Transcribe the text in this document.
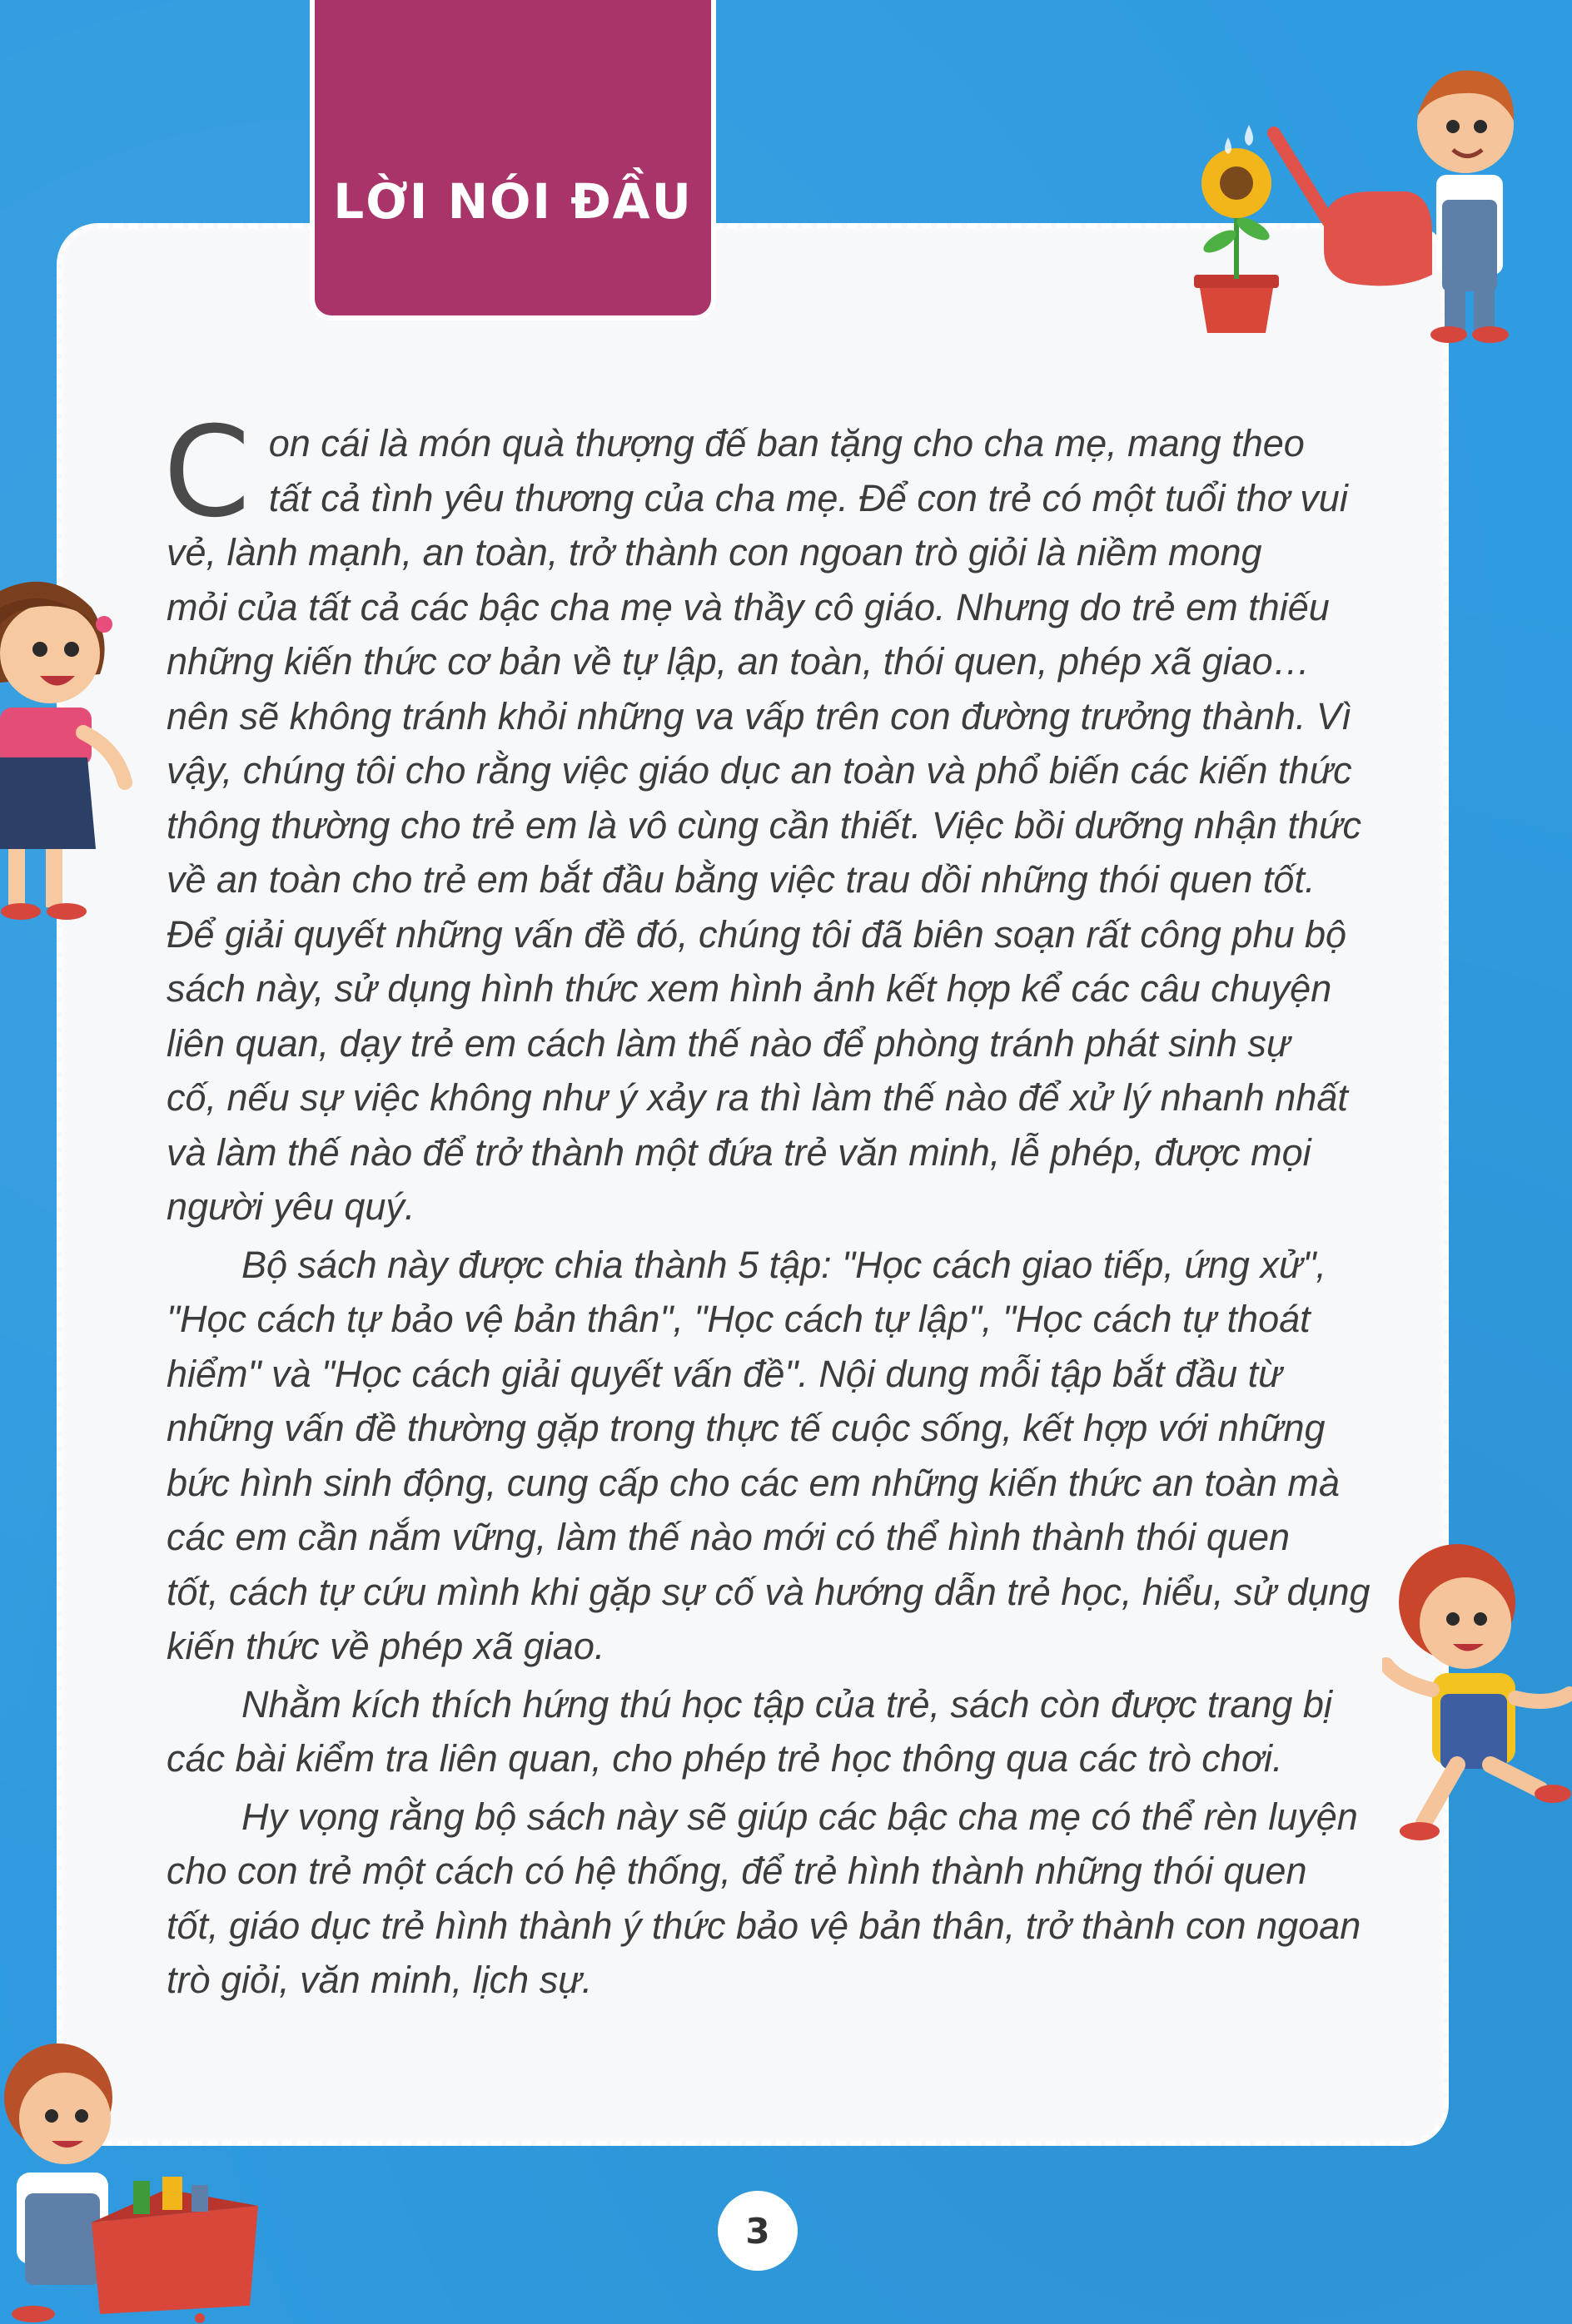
LỜI NÓI ĐẦU

C on cái là món quà thượng đế ban tặng cho cha mẹ, mang theo
tất cả tình yêu thương của cha mẹ. Để con trẻ có một tuổi thơ vui
vẻ, lành mạnh, an toàn, trở thành con ngoan trò giỏi là niềm mong
mỏi của tất cả các bậc cha mẹ và thầy cô giáo. Nhưng do trẻ em thiếu
những kiến thức cơ bản về tự lập, an toàn, thói quen, phép xã giao…
nên sẽ không tránh khỏi những va vấp trên con đường trưởng thành. Vì
vậy, chúng tôi cho rằng việc giáo dục an toàn và phổ biến các kiến thức
thông thường cho trẻ em là vô cùng cần thiết. Việc bồi dưỡng nhận thức
về an toàn cho trẻ em bắt đầu bằng việc trau dồi những thói quen tốt.
Để giải quyết những vấn đề đó, chúng tôi đã biên soạn rất công phu bộ
sách này, sử dụng hình thức xem hình ảnh kết hợp kể các câu chuyện
liên quan, dạy trẻ em cách làm thế nào để phòng tránh phát sinh sự
cố, nếu sự việc không như ý xảy ra thì làm thế nào để xử lý nhanh nhất
và làm thế nào để trở thành một đứa trẻ văn minh, lễ phép, được mọi
người yêu quý.

Bộ sách này được chia thành 5 tập: "Học cách giao tiếp, ứng xử",
"Học cách tự bảo vệ bản thân", "Học cách tự lập", "Học cách tự thoát
hiểm" và "Học cách giải quyết vấn đề". Nội dung mỗi tập bắt đầu từ
những vấn đề thường gặp trong thực tế cuộc sống, kết hợp với những
bức hình sinh động, cung cấp cho các em những kiến thức an toàn mà
các em cần nắm vững, làm thế nào mới có thể hình thành thói quen
tốt, cách tự cứu mình khi gặp sự cố và hướng dẫn trẻ học, hiểu, sử dụng
kiến thức về phép xã giao.

Nhằm kích thích hứng thú học tập của trẻ, sách còn được trang bị
các bài kiểm tra liên quan, cho phép trẻ học thông qua các trò chơi.

Hy vọng rằng bộ sách này sẽ giúp các bậc cha mẹ có thể rèn luyện
cho con trẻ một cách có hệ thống, để trẻ hình thành những thói quen
tốt, giáo dục trẻ hình thành ý thức bảo vệ bản thân, trở thành con ngoan
trò giỏi, văn minh, lịch sự.

3
